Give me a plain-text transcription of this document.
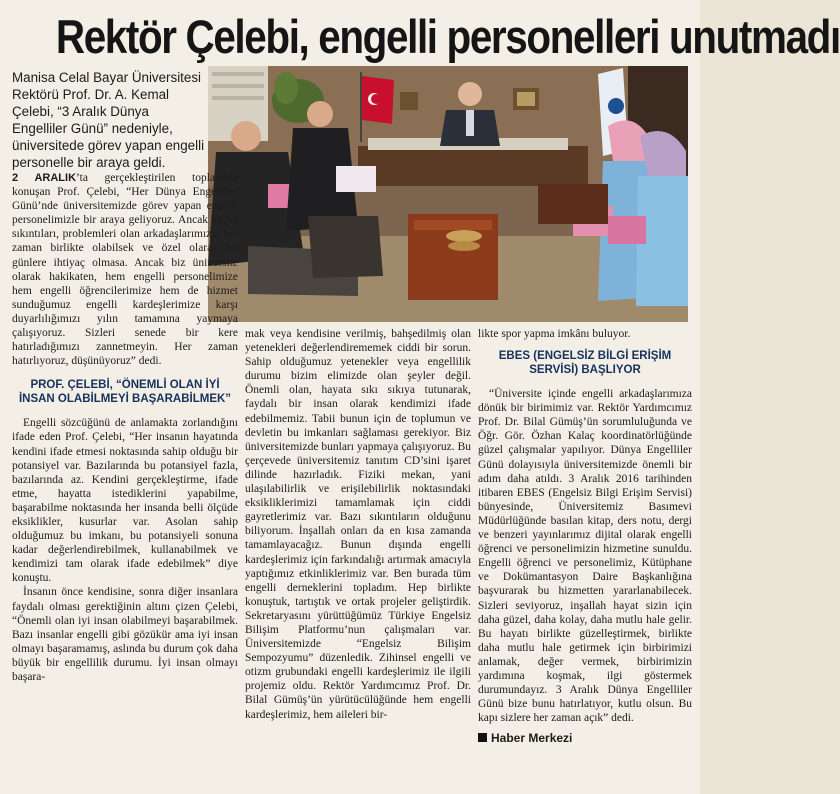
Rektör Çelebi, engelli personelleri unutmadı
Manisa Celal Bayar Üniversitesi Rektörü Prof. Dr. A. Kemal Çelebi, “3 Aralık Dünya Engelliler Günü” nedeniyle, üniversitede görev yapan engelli personelle bir araya geldi.

2 ARALIK’ta gerçekleştirilen toplantıda konuşan Prof. Çelebi, “Her Dünya Engelliler Günü’nde üniversitemizde görev yapan engelli personelimizle bir araya geliyoruz. Ancak keşke sıkıntıları, problemleri olan arkadaşlarımızla her zaman birlikte olabilsek ve özel olarak bu günlere ihtiyaç olmasa. Ancak biz üniversite olarak hakikaten, hem engelli personelimize hem engelli öğrencilerimize hem de hizmet sunduğumuz engelli kardeşlerimize karşı duyarlılığımızı yılın tamamına yaymaya çalışıyoruz. Sizleri senede bir kere hatırladığımızı zannetmeyin. Her zaman hatırlıyoruz, düşünüyoruz” dedi.

PROF. ÇELEBİ, “ÖNEMLİ OLAN İYİ İNSAN OLABİLMEYİ BAŞARABİLMEK”

Engelli sözcüğünü de anlamakta zorlandığını ifade eden Prof. Çelebi, “Her insanın hayatında kendini ifade etmesi noktasında sahip olduğu bir potansiyel var. Bazılarında bu potansiyel fazla, bazılarında az. Kendini gerçekleştirme, ifade etme, hayatta istediklerini yapabilme, başarabilme noktasında her insanda belli ölçüde eksiklikler, kusurlar var. Asolan sahip olduğumuz bu imkanı, bu potansiyeli sonuna kadar değerlendirebilmek, kullanabilmek ve kendimizi tam olarak ifade edebilmek” diye konuştu.

İnsanın önce kendisine, sonra diğer insanlara faydalı olması gerektiğinin altını çizen Çelebi, “Önemli olan iyi insan olabilmeyi başarabilmek. Bazı insanlar engelli gibi gözükür ama iyi insan olmayı başaramamış, aslında bu durum çok daha büyük bir engellilik durumu. İyi insan olmayı başara-

mak veya kendisine verilmiş, bahşedilmiş olan yetenekleri değerlendirememek ciddi bir sorun. Sahip olduğumuz yetenekler veya engellilik durumu bizim elimizde olan şeyler değil. Önemli olan, hayata sıkı sıkıya tutunarak, faydalı bir insan olarak kendimizi ifade edebilmemiz. Tabii bunun için de toplumun ve devletin bu imkanları sağlaması gerekiyor. Biz üniversitemizde bunları yapmaya çalışıyoruz. Bu çerçevede üniversitemiz tanıtım CD’sini işaret dilinde hazırladık. Fiziki mekan, yani ulaşılabilirlik ve erişilebilirlik noktasındaki eksikliklerimizi tamamlamak için ciddi gayretlerimiz var. Bazı sıkıntıların olduğunu biliyorum. İnşallah onları da en kısa zamanda tamamlayacağız. Bunun dışında engelli kardeşlerimiz için farkındalığı artırmak amacıyla yaptığımız etkinliklerimiz var. Ben burada tüm engelli derneklerini topladım. Hep birlikte konuştuk, tartıştık ve ortak projeler geliştirdik. Sekretaryasını yürüttüğümüz Türkiye Engelsiz Bilişim Platformu’nun çalışmaları var. Üniversitemizde “Engelsiz Bilişim Sempozyumu” düzenledik. Zihinsel engelli ve otizm grubundaki engelli kardeşlerimiz ile ilgili projemiz oldu. Rektör Yardımcımız Prof. Dr. Bilal Gümüş’ün yürütücülüğünde hem engelli kardeşlerimiz, hem aileleri bir-

likte spor yapma imkânı buluyor.

EBES (ENGELSİZ BİLGİ ERİŞİM SERVİSİ) BAŞLIYOR

“Üniversite içinde engelli arkadaşlarımıza dönük bir birimimiz var. Rektör Yardımcımız Prof. Dr. Bilal Gümüş’ün sorumluluğunda ve Öğr. Gör. Özhan Kalaç koordinatörlüğünde güzel çalışmalar yapılıyor. Dünya Engelliler Günü dolayısıyla üniversitemizde önemli bir adım daha atıldı. 3 Aralık 2016 tarihinden itibaren EBES (Engelsiz Bilgi Erişim Servisi) bünyesinde, Üniversitemiz Basımevi Müdürlüğünde basılan kitap, ders notu, dergi ve benzeri yayınlarımız dijital olarak engelli öğrenci ve personelimizin hizmetine sunuldu. Engelli öğrenci ve personelimiz, Kütüphane ve Dokümantasyon Daire Başkanlığına başvurarak bu hizmetten yararlanabilecek. Sizleri seviyoruz, inşallah hayat sizin için daha güzel, daha kolay, daha mutlu hale gelir. Bu hayatı birlikte güzelleştirmek, birlikte daha mutlu hale getirmek için birbirimizi anlamak, değer vermek, birbirimizin yardımına koşmak, ilgi göstermek durumundayız. 3 Aralık Dünya Engelliler Günü bize bunu hatırlatıyor, kutlu olsun. Bu kapı sizlere her zaman açık” dedi.

Haber Merkezi
